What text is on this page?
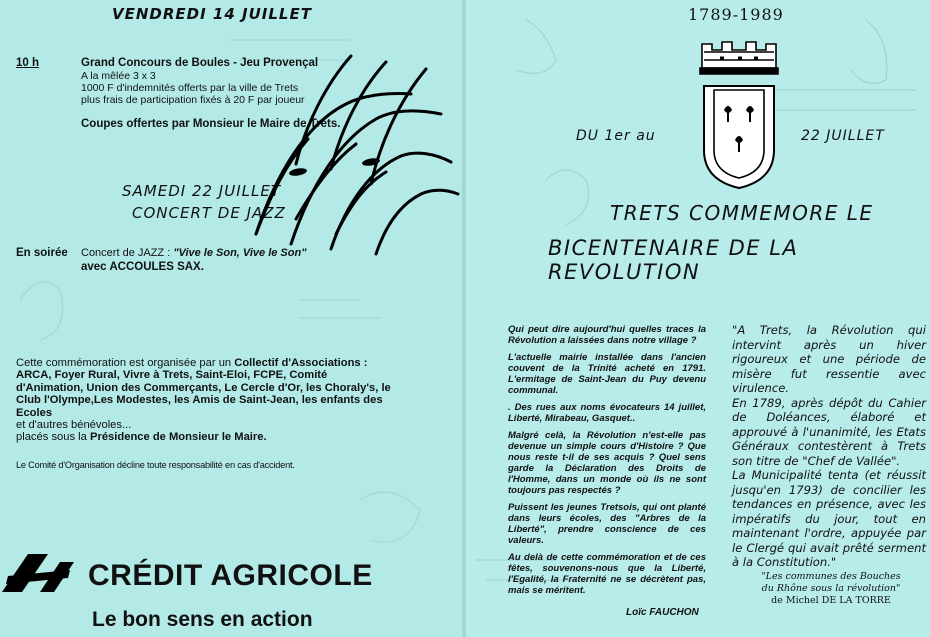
VENDREDI 14 JUILLET
10 h	Grand Concours de Boules - Jeu Provençal
A la mêlée 3 x 3
1000 F d'indemnités offerts par la ville de Trets
plus frais de participation fixés à 20 F par joueur
Coupes offertes par Monsieur le Maire de Trets.
SAMEDI 22 JUILLET
CONCERT DE JAZZ
En soirée Concert de JAZZ : "Vive le Son, Vive le Son"
avec ACCOULES SAX.
Cette commémoration est organisée par un Collectif d'Associations :
ARCA, Foyer Rural, Vivre à Trets, Saint-Eloi, FCPE, Comité d'Animation, Union des Commerçants, Le Cercle d'Or, les Choraly's, le Club l'Olympe,Les Modestes, les Amis de Saint-Jean, les enfants des Ecoles
et d'autres bénévoles...
placés sous la Présidence de Monsieur le Maire.
Le Comité d'Organisation décline toute responsabilité en cas d'accident.
CRÉDIT AGRICOLE
Le bon sens en action
1789-1989
DU 1er au	22 JUILLET
TRETS COMMEMORE LE
BICENTENAIRE DE LA REVOLUTION

Qui peut dire aujourd'hui quelles traces la Révolution a laissées dans notre village ?

L'actuelle mairie installée dans l'ancien couvent de la Trinité acheté en 1791. L'ermitage de Saint-Jean du Puy devenu communal.

. Des rues aux noms évocateurs 14 juillet, Liberté, Mirabeau, Gasquet..

Malgré celà, la Révolution n'est-elle pas devenue un simple cours d'Histoire ? Que nous reste t-il de ses acquis ? Quel sens garde la Déclaration des Droits de l'Homme, dans un monde où ils ne sont toujours pas respectés ?

Puissent les jeunes Tretsois, qui ont planté dans leurs écoles, des "Arbres de la Liberté", prendre conscience de ces valeurs.

Au delà de cette commémoration et de ces fêtes, souvenons-nous que la Liberté, l'Egalité, la Fraternité ne se décrètent pas, mais se méritent.

Loïc FAUCHON

"A Trets, la Révolution qui intervint après un hiver rigoureux et une période de misère fut ressentie avec virulence.

En 1789, après dépôt du Cahier de Doléances, élaboré et approuvé à l'unanimité, les Etats Généraux contestèrent à Trets son titre de "Chef de Vallée".

La Municipalité tenta (et réussit jusqu'en 1793) de concilier les tendances en présence, avec les impératifs du jour, tout en maintenant l'ordre, appuyée par le Clergé qui avait prêté serment à la Constitution."

"Les communes des Bouches
du Rhône sous la révolution"
de Michel DE LA TORRE
